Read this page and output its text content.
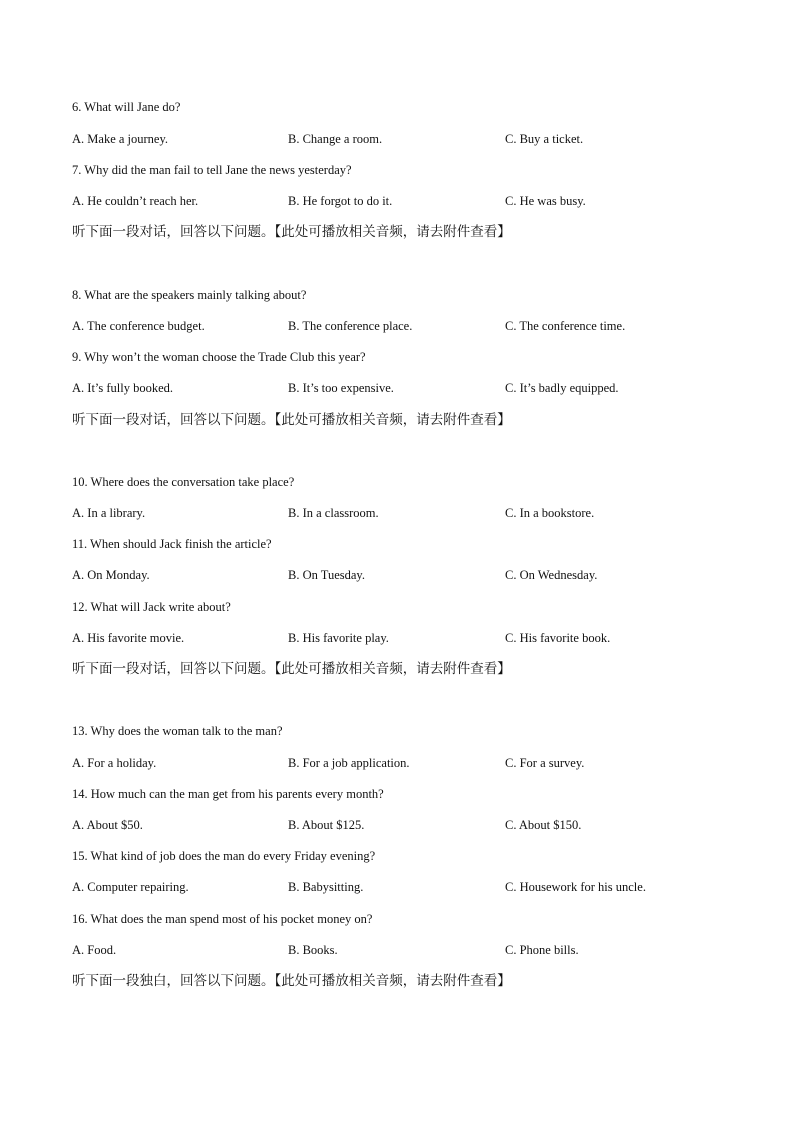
6. What will Jane do?
A. Make a journey.	B. Change a room.	C. Buy a ticket.
7. Why did the man fail to tell Jane the news yesterday?
A. He couldn’t reach her.	B. He forgot to do it.	C. He was busy.
听下面一段对话，回答以下问题。【此处可播放相关音频，请去附件查看】
8. What are the speakers mainly talking about?
A. The conference budget.	B. The conference place.	C. The conference time.
9. Why won’t the woman choose the Trade Club this year?
A. It’s fully booked.	B. It’s too expensive.	C. It’s badly equipped.
听下面一段对话，回答以下问题。【此处可播放相关音频，请去附件查看】
10. Where does the conversation take place?
A. In a library.	B. In a classroom.	C. In a bookstore.
11. When should Jack finish the article?
A. On Monday.	B. On Tuesday.	C. On Wednesday.
12. What will Jack write about?
A. His favorite movie.	B. His favorite play.	C. His favorite book.
听下面一段对话，回答以下问题。【此处可播放相关音频，请去附件查看】
13. Why does the woman talk to the man?
A. For a holiday.	B. For a job application.	C. For a survey.
14. How much can the man get from his parents every month?
A. About $50.	B. About $125.	C. About $150.
15. What kind of job does the man do every Friday evening?
A. Computer repairing.	B. Babysitting.	C. Housework for his uncle.
16. What does the man spend most of his pocket money on?
A. Food.	B. Books.	C. Phone bills.
听下面一段独白，回答以下问题。【此处可播放相关音频，请去附件查看】
